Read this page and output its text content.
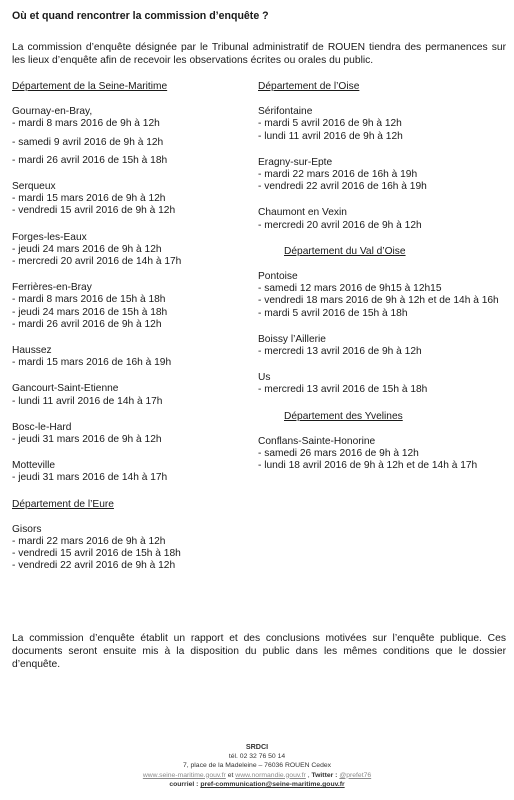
Où et quand rencontrer la commission d’enquête ?
La commission d’enquête désignée par le Tribunal administratif de ROUEN tiendra des permanences sur les lieux d’enquête afin de recevoir les observations écrites ou orales du public.
Département de la Seine-Maritime
Gournay-en-Bray,
- mardi 8 mars 2016 de 9h à 12h
- samedi 9 avril 2016 de 9h à 12h
- mardi 26 avril 2016 de 15h à 18h
Serqueux
- mardi 15 mars 2016 de 9h à 12h
- vendredi 15 avril 2016 de 9h à 12h
Forges-les-Eaux
- jeudi 24 mars 2016 de 9h à 12h
- mercredi 20 avril 2016 de 14h à 17h
Ferrières-en-Bray
- mardi 8 mars 2016 de 15h à 18h
- jeudi 24 mars 2016 de 15h à 18h
- mardi 26 avril 2016 de 9h à 12h
Haussez
- mardi 15 mars 2016 de 16h à 19h
Gancourt-Saint-Etienne
- lundi 11 avril 2016 de 14h à 17h
Bosc-le-Hard
- jeudi 31 mars 2016 de 9h à 12h
Motteville
- jeudi 31 mars 2016 de 14h à 17h
Département de l’Eure
Gisors
- mardi 22 mars 2016 de 9h à 12h
- vendredi 15 avril 2016 de 15h à 18h
- vendredi 22 avril 2016 de 9h à 12h
Département de l’Oise
Sérifontaine
- mardi 5 avril 2016 de 9h à 12h
- lundi 11 avril 2016 de 9h à 12h
Eragny-sur-Epte
- mardi 22 mars 2016 de 16h à 19h
- vendredi 22 avril 2016 de 16h à 19h
Chaumont en Vexin
- mercredi 20 avril 2016 de 9h à 12h
Département du Val d’Oise
Pontoise
- samedi 12 mars 2016 de 9h15 à 12h15
- vendredi 18 mars 2016 de 9h à 12h et de 14h à 16h
- mardi 5 avril 2016 de 15h à 18h
Boissy l’Aillerie
- mercredi 13 avril 2016 de 9h à 12h
Us
- mercredi 13 avril 2016 de 15h à 18h
Département des Yvelines
Conflans-Sainte-Honorine
- samedi 26 mars 2016 de 9h à 12h
- lundi 18 avril 2016 de 9h à 12h et de 14h à 17h
La commission d’enquête établit un rapport et des conclusions motivées sur l’enquête publique. Ces documents seront ensuite mis à la disposition du public dans les mêmes conditions que le dossier d’enquête.
SRDCI
tél. 02 32 76 50 14
7, place de la Madeleine – 76036 ROUEN Cedex
www.seine-maritime.gouv.fr et www.normandie.gouv.fr , Twitter : @prefet76
courriel : pref-communication@seine-maritime.gouv.fr
